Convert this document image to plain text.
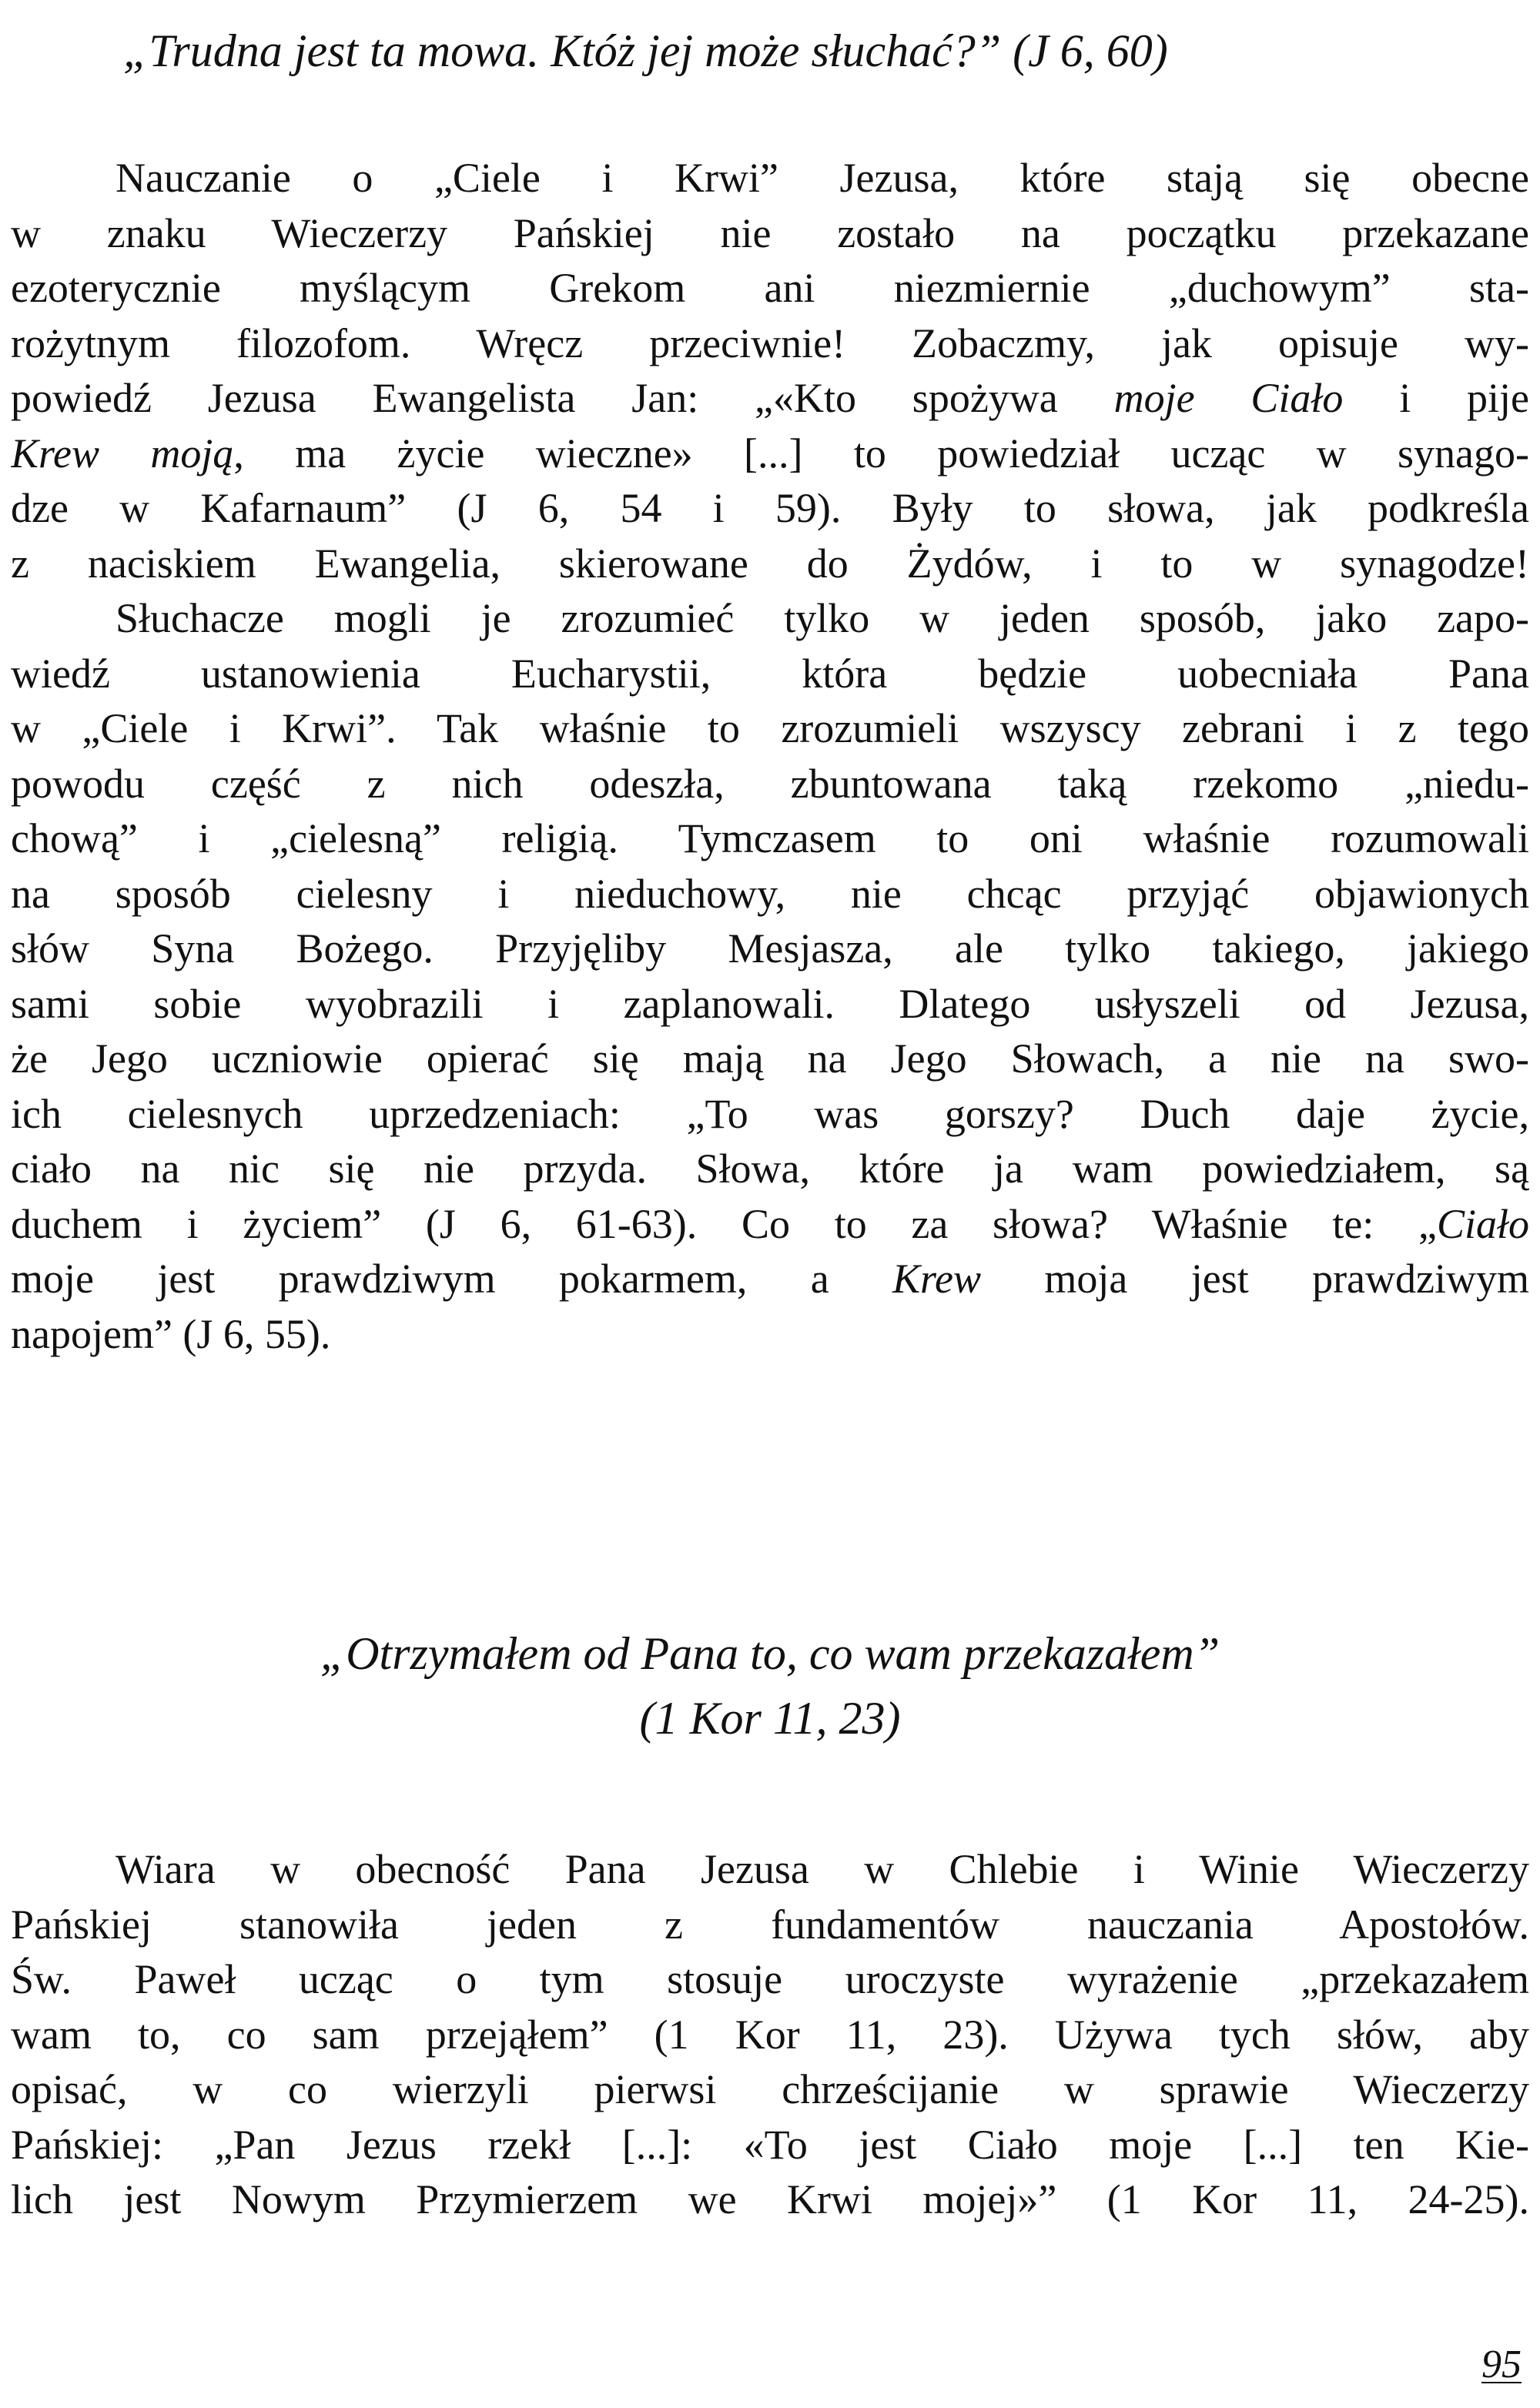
„Trudna jest ta mowa. Któż jej może słuchać?” (J 6, 60)
Nauczanie o „Ciele i Krwi” Jezusa, które stają się obecne
w znaku Wieczerzy Pańskiej nie zostało na początku przekazane
ezoterycznie myślącym Grekom ani niezmiernie „duchowym” sta-
rożytnym filozofom. Wręcz przeciwnie! Zobaczmy, jak opisuje wy-
powiedź Jezusa Ewangelista Jan: „«Kto spożywa moje Ciało i pije
Krew moją, ma życie wieczne» [...] to powiedział ucząc w synago-
dze w Kafarnaum” (J 6, 54 i 59). Były to słowa, jak podkreśla
z naciskiem Ewangelia, skierowane do Żydów, i to w synagodze!
Słuchacze mogli je zrozumieć tylko w jeden sposób, jako zapo-
wiedź ustanowienia Eucharystii, która będzie uobecniała Pana
w „Ciele i Krwi”. Tak właśnie to zrozumieli wszyscy zebrani i z tego
powodu część z nich odeszła, zbuntowana taką rzekomo „niedu-
chową” i „cielesną” religią. Tymczasem to oni właśnie rozumowali
na sposób cielesny i nieduchowy, nie chcąc przyjąć objawionych
słów Syna Bożego. Przyjęliby Mesjasza, ale tylko takiego, jakiego
sami sobie wyobrazili i zaplanowali. Dlatego usłyszeli od Jezusa,
że Jego uczniowie opierać się mają na Jego Słowach, a nie na swo-
ich cielesnych uprzedzeniach: „To was gorszy? Duch daje życie,
ciało na nic się nie przyda. Słowa, które ja wam powiedziałem, są
duchem i życiem” (J 6, 61-63). Co to za słowa? Właśnie te: „Ciało
moje jest prawdziwym pokarmem, a Krew moja jest prawdziwym
napojem” (J 6, 55).
„Otrzymałem od Pana to, co wam przekazałem”
(1 Kor 11, 23)
Wiara w obecność Pana Jezusa w Chlebie i Winie Wieczerzy
Pańskiej stanowiła jeden z fundamentów nauczania Apostołów.
Św. Paweł ucząc o tym stosuje uroczyste wyrażenie „przekazałem
wam to, co sam przejąłem” (1 Kor 11, 23). Używa tych słów, aby
opisać, w co wierzyli pierwsi chrześcijanie w sprawie Wieczerzy
Pańskiej: „Pan Jezus rzekł [...]: «To jest Ciało moje [...] ten Kie-
lich jest Nowym Przymierzem we Krwi mojej»” (1 Kor 11, 24-25).
95
